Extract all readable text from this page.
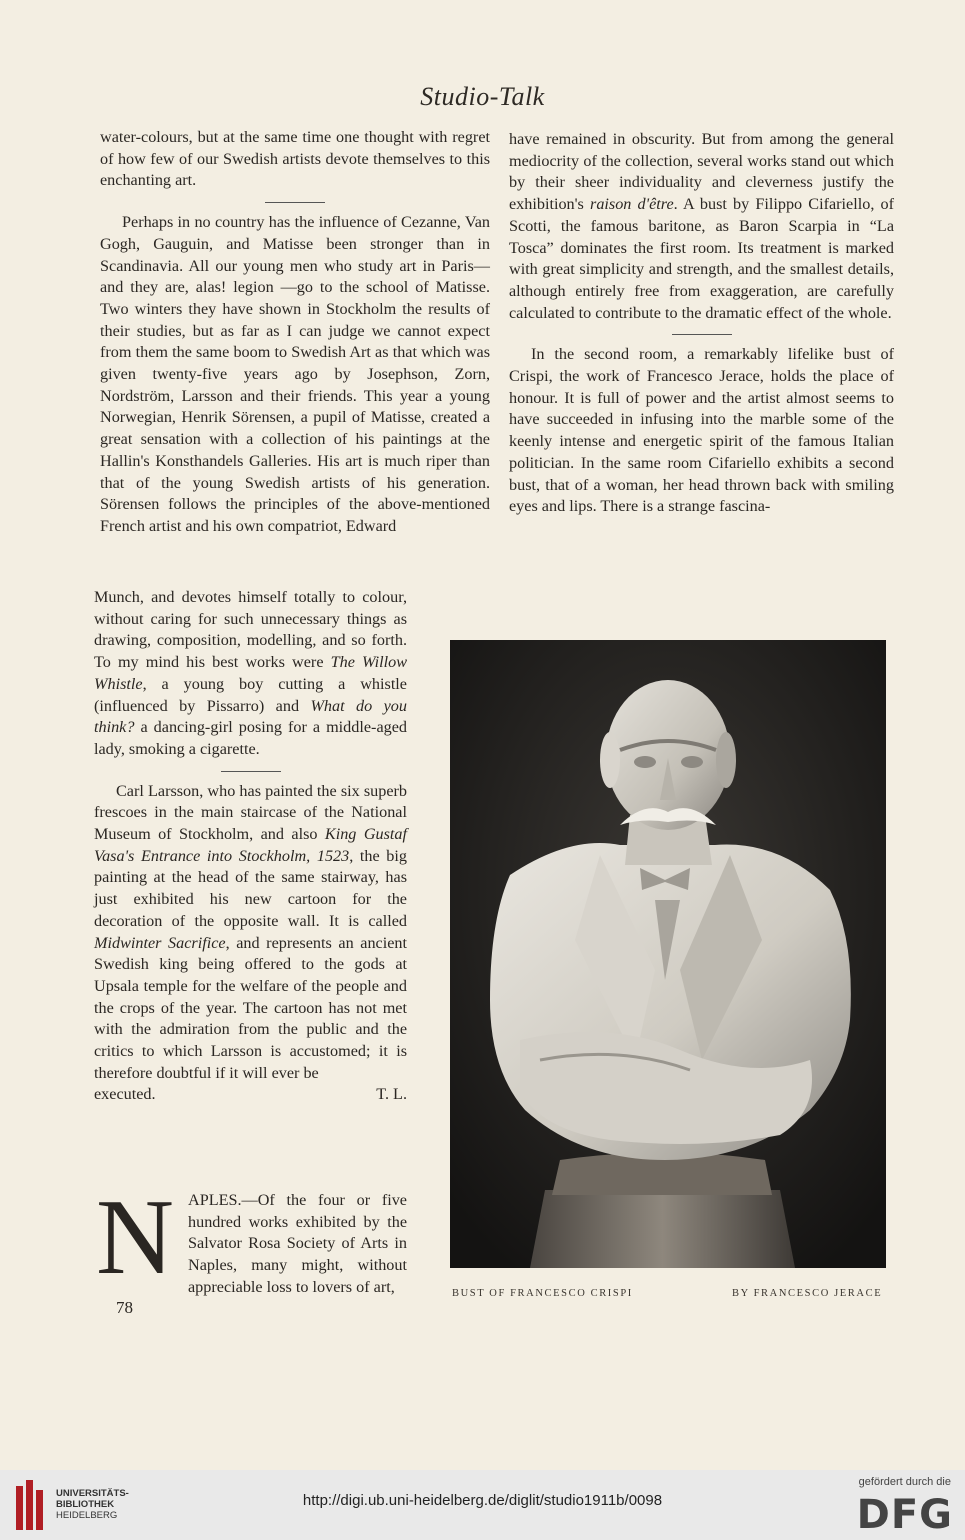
Studio-Talk

water-colours, but at the same time one thought with regret of how few of our Swedish artists devote themselves to this enchanting art.

Perhaps in no country has the influence of Cezanne, Van Gogh, Gauguin, and Matisse been stronger than in Scandinavia. All our young men who study art in Paris—and they are, alas! legion —go to the school of Matisse. Two winters they have shown in Stockholm the results of their studies, but as far as I can judge we cannot expect from them the same boom to Swedish Art as that which was given twenty-five years ago by Josephson, Zorn, Nordström, Larsson and their friends. This year a young Norwegian, Henrik Sörensen, a pupil of Matisse, created a great sensation with a collection of his paintings at the Hallin's Konsthandels Galleries. His art is much riper than that of the young Swedish artists of his generation. Sörensen follows the principles of the above-mentioned French artist and his own compatriot, Edward

Munch, and devotes himself totally to colour, without caring for such unnecessary things as drawing, composition, modelling, and so forth. To my mind his best works were The Willow Whistle, a young boy cutting a whistle (influenced by Pissarro) and What do you think? a dancing-girl posing for a middle-aged lady, smoking a cigarette.

Carl Larsson, who has painted the six superb frescoes in the main staircase of the National Museum of Stockholm, and also King Gustaf Vasa's Entrance into Stockholm, 1523, the big painting at the head of the same stairway, has just exhibited his new cartoon for the decoration of the opposite wall. It is called Midwinter Sacrifice, and represents an ancient Swedish king being offered to the gods at Upsala temple for the welfare of the people and the crops of the year. The cartoon has not met with the admiration from the public and the critics to which Larsson is accustomed; it is therefore doubtful if it will ever be

executed.	T. L.
N APLES.—Of the four or five hundred works exhibited by the Salvator Rosa Society of Arts in Naples, many might, without appreciable loss to lovers of art,

78

have remained in obscurity. But from among the general mediocrity of the collection, several works stand out which by their sheer individuality and cleverness justify the exhibition's raison d'être. A bust by Filippo Cifariello, of Scotti, the famous baritone, as Baron Scarpia in “La Tosca” dominates the first room. Its treatment is marked with great simplicity and strength, and the smallest details, although entirely free from exaggeration, are carefully calculated to contribute to the dramatic effect of the whole.

In the second room, a remarkably lifelike bust of Crispi, the work of Francesco Jerace, holds the place of honour. It is full of power and the artist almost seems to have succeeded in infusing into the marble some of the keenly intense and energetic spirit of the famous Italian politician. In the same room Cifariello exhibits a second bust, that of a woman, her head thrown back with smiling eyes and lips. There is a strange fascina-

BUST OF FRANCESCO CRISPI	BY FRANCESCO JERACE
UNIVERSITÄTS-
BIBLIOTHEK
HEIDELBERG
http://digi.ub.uni-heidelberg.de/diglit/studio1911b/0098
gefördert durch die
DFG
